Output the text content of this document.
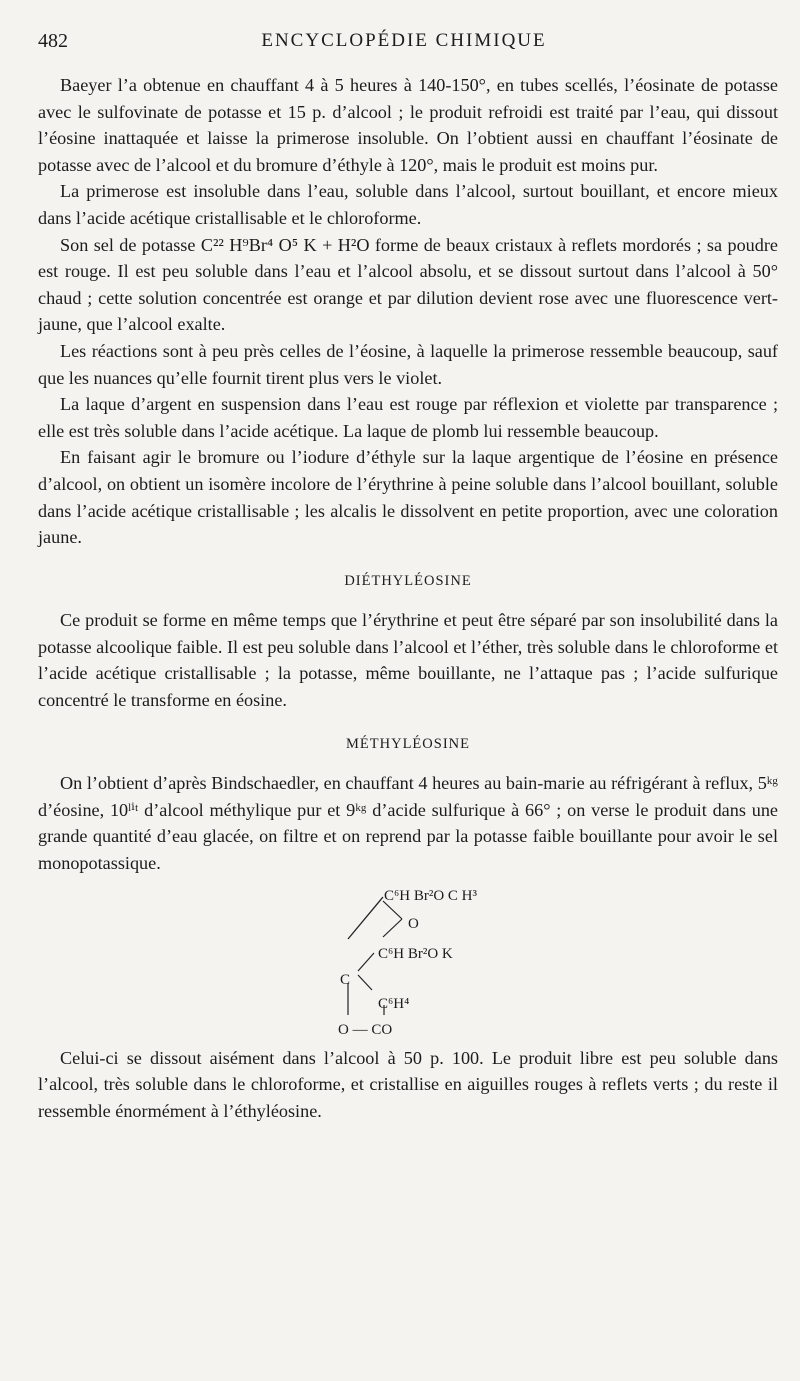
482	ENCYCLOPÉDIE CHIMIQUE

Baeyer l’a obtenue en chauffant 4 à 5 heures à 140-150°, en tubes scellés, l’éosinate de potasse avec le sulfovinate de potasse et 15 p. d’alcool ; le produit refroidi est traité par l’eau, qui dissout l’éosine inattaquée et laisse la primerose insoluble. On l’obtient aussi en chauffant l’éosinate de potasse avec de l’alcool et du bromure d’éthyle à 120°, mais le produit est moins pur.

La primerose est insoluble dans l’eau, soluble dans l’alcool, surtout bouillant, et encore mieux dans l’acide acétique cristallisable et le chloroforme.

Son sel de potasse C²² H⁹Br⁴ O⁵ K + H²O forme de beaux cristaux à reflets mordorés ; sa poudre est rouge. Il est peu soluble dans l’eau et l’alcool absolu, et se dissout surtout dans l’alcool à 50° chaud ; cette solution concentrée est orange et par dilution devient rose avec une fluorescence vert-jaune, que l’alcool exalte.

Les réactions sont à peu près celles de l’éosine, à laquelle la primerose ressemble beaucoup, sauf que les nuances qu’elle fournit tirent plus vers le violet.

La laque d’argent en suspension dans l’eau est rouge par réflexion et violette par transparence ; elle est très soluble dans l’acide acétique. La laque de plomb lui ressemble beaucoup.

En faisant agir le bromure ou l’iodure d’éthyle sur la laque argentique de l’éosine en présence d’alcool, on obtient un isomère incolore de l’érythrine à peine soluble dans l’alcool bouillant, soluble dans l’acide acétique cristallisable ; les alcalis le dissolvent en petite proportion, avec une coloration jaune.

DIÉTHYLÉOSINE

Ce produit se forme en même temps que l’érythrine et peut être séparé par son insolubilité dans la potasse alcoolique faible. Il est peu soluble dans l’alcool et l’éther, très soluble dans le chloroforme et l’acide acétique cristallisable ; la potasse, même bouillante, ne l’attaque pas ; l’acide sulfurique concentré le transforme en éosine.

MÉTHYLÉOSINE

On l’obtient d’après Bindschaedler, en chauffant 4 heures au bain-marie au réfrigérant à reflux, 5ᵏᵍ d’éosine, 10ˡⁱᵗ d’alcool méthylique pur et 9ᵏᵍ d’acide sulfurique à 66° ; on verse le produit dans une grande quantité d’eau glacée, on filtre et on reprend par la potasse faible bouillante pour avoir le sel monopotassique.

C⁶H Br²O C H³
O
C⁶H Br²O K
C
C⁶H⁴
O — CO

Celui-ci se dissout aisément dans l’alcool à 50 p. 100. Le produit libre est peu soluble dans l’alcool, très soluble dans le chloroforme, et cristallise en aiguilles rouges à reflets verts ; du reste il ressemble énormément à l’éthyléosine.
